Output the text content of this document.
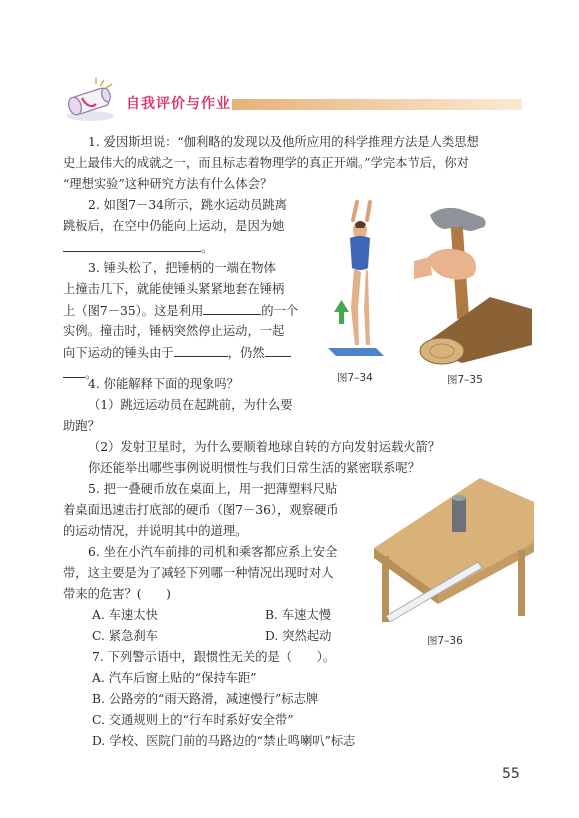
自我评价与作业
1. 爱因斯坦说：“伽利略的发现以及他所应用的科学推理方法是人类思想
史上最伟大的成就之一，而且标志着物理学的真正开端。”学完本节后，你对
“理想实验”这种研究方法有什么体会？
2. 如图7－34所示，跳水运动员跳离
跳板后，在空中仍能向上运动，是因为她
。
3. 锤头松了，把锤柄的一端在物体
上撞击几下，就能使锤头紧紧地套在锤柄
上（图7－35）。这是利用	的一个
实例。撞击时，锤柄突然停止运动，一起
向下运动的锤头由于	，仍然
。
4. 你能解释下面的现象吗？
（1）跳远运动员在起跳前，为什么要
助跑？
（2）发射卫星时，为什么要顺着地球自转的方向发射运载火箭？
你还能举出哪些事例说明惯性与我们日常生活的紧密联系呢？
5. 把一叠硬币放在桌面上，用一把薄塑料尺贴
着桌面迅速击打底部的硬币（图7－36），观察硬币
的运动情况，并说明其中的道理。
6. 坐在小汽车前排的司机和乘客都应系上安全
带，这主要是为了减轻下列哪一种情况出现时对人
带来的危害？(　　)
A. 车速太快	B. 车速太慢
C. 紧急刹车	D. 突然起动
7. 下列警示语中，跟惯性无关的是（　　）。
A. 汽车后窗上贴的“保持车距”
B. 公路旁的“雨天路滑，减速慢行”标志牌
C. 交通规则上的“行车时系好安全带”
D. 学校、医院门前的马路边的“禁止鸣喇叭”标志
图7–34	图7–35
图7–36
55
